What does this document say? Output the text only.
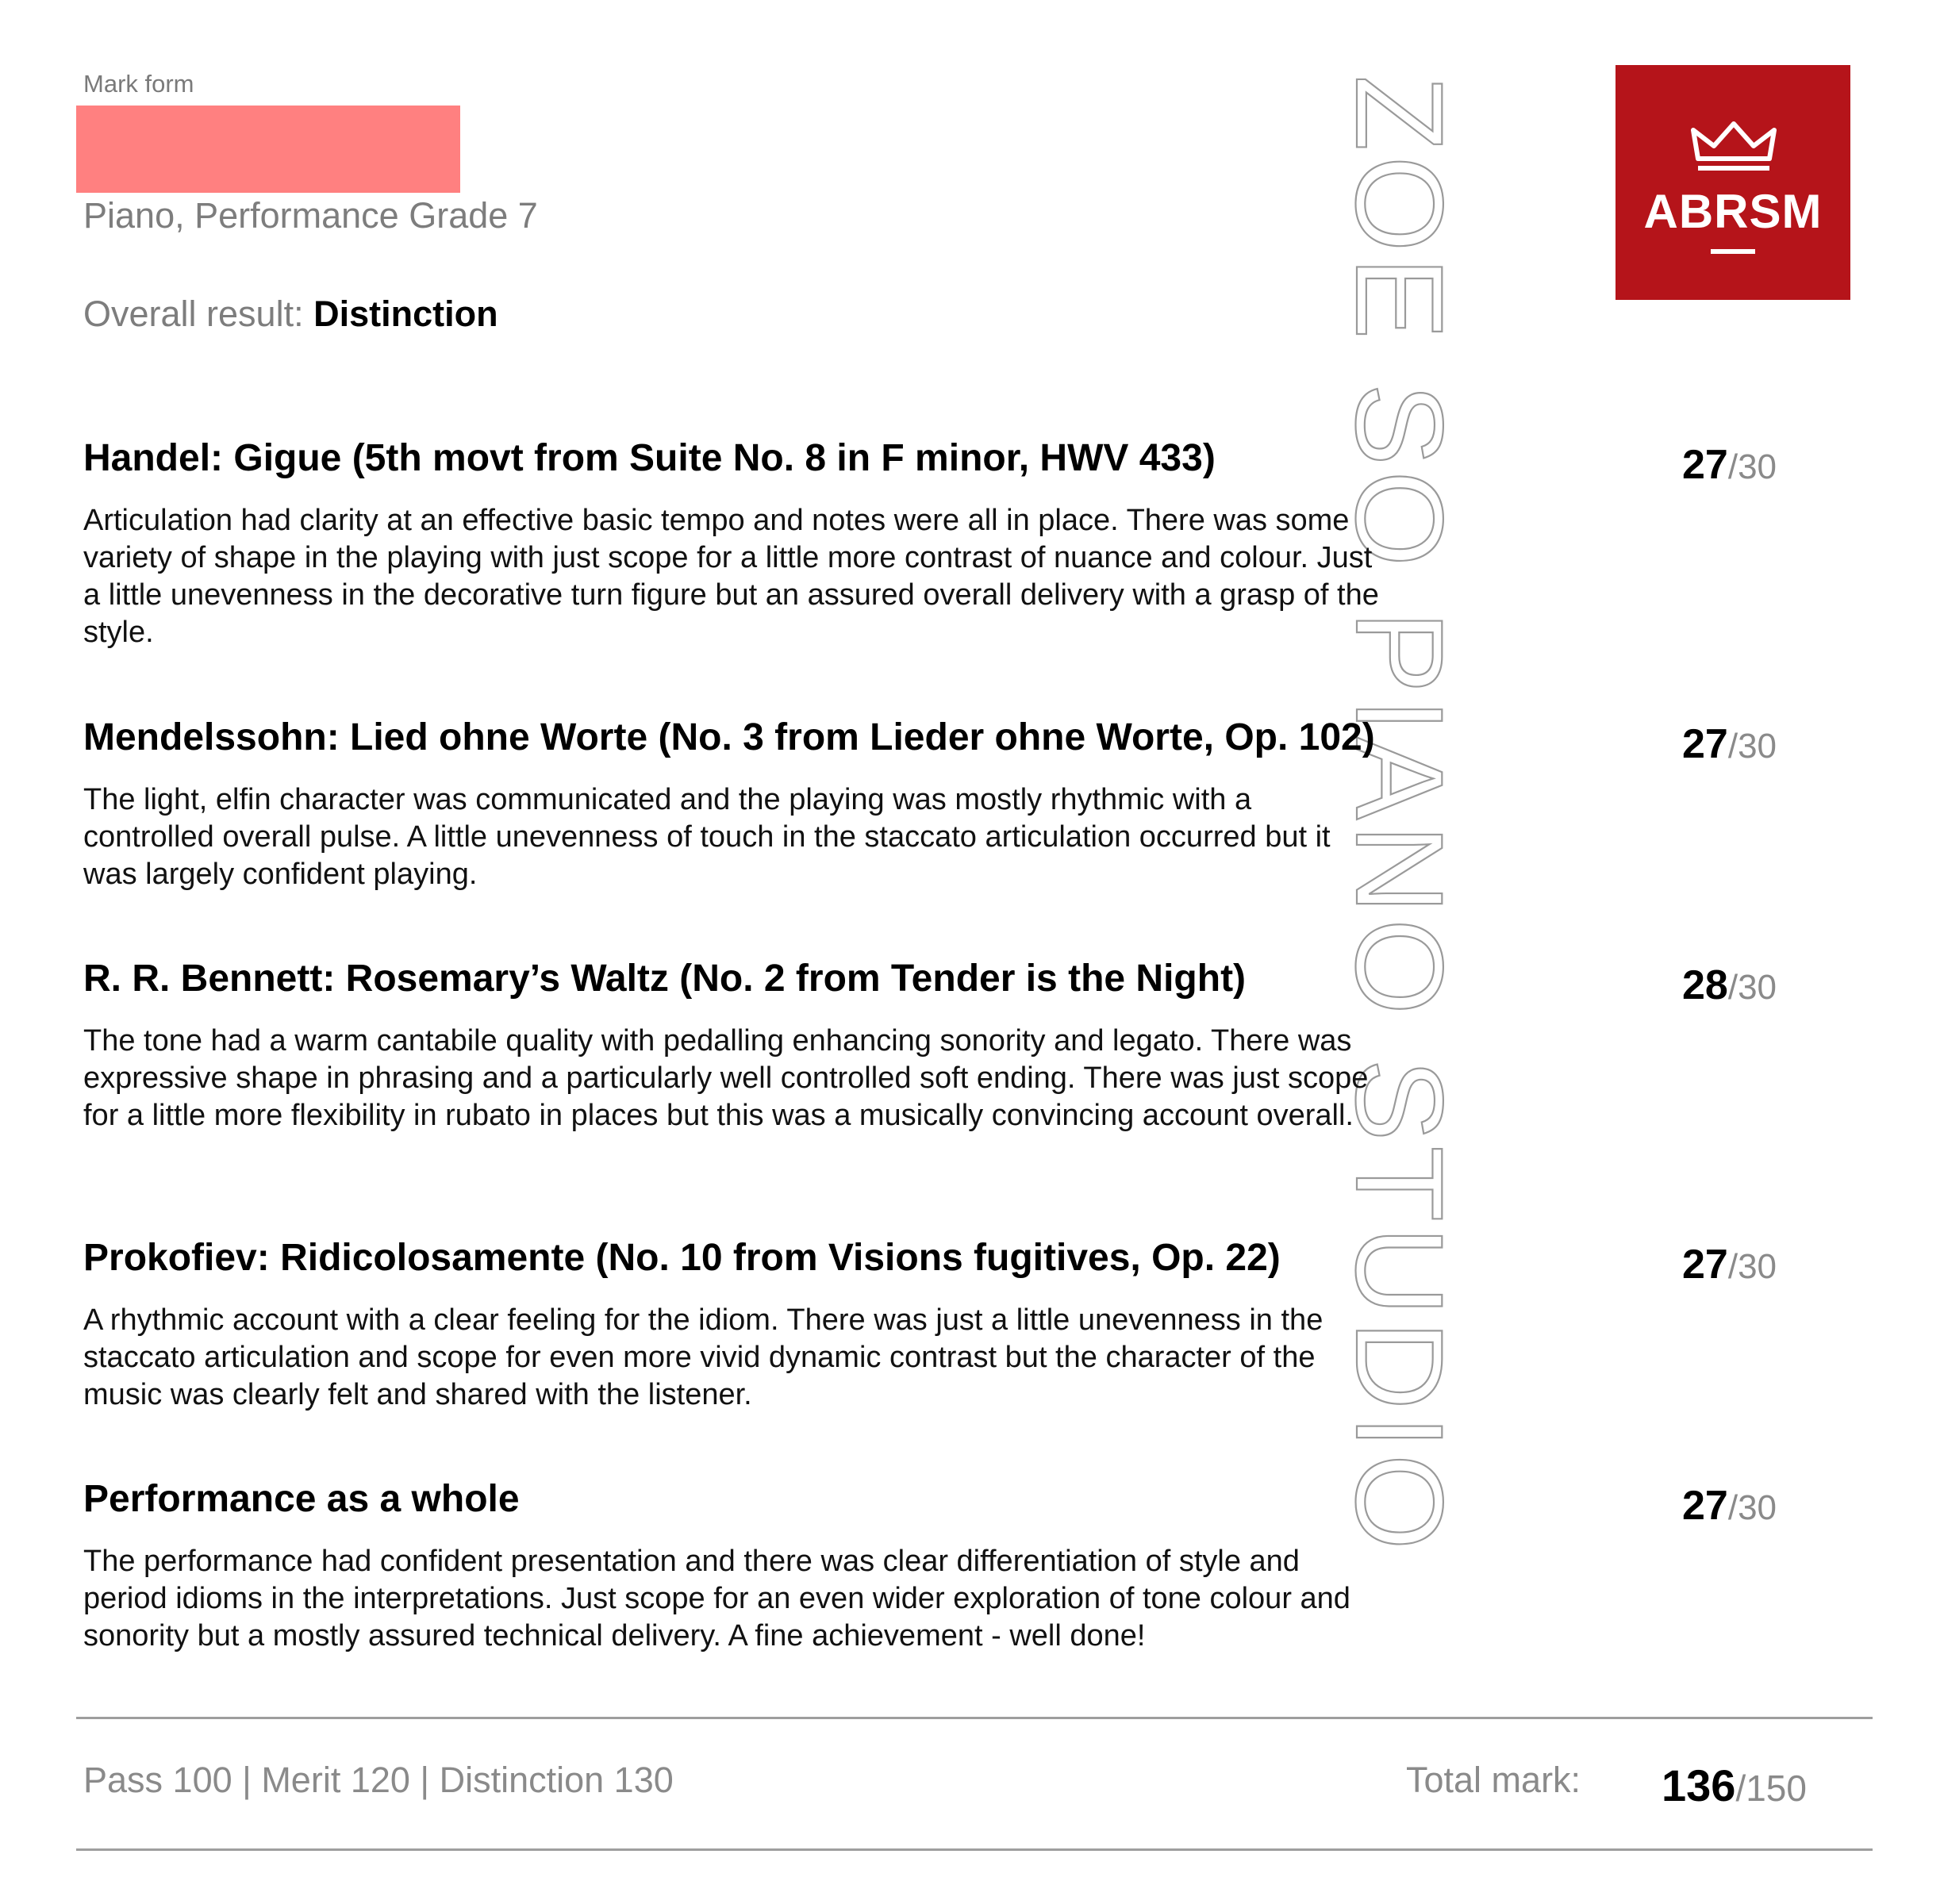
Mark form
Piano, Performance Grade 7
Overall result: Distinction
ABRSM
ZOE SO PIANO STUDIO
Handel: Gigue (5th movt from Suite No. 8 in F minor, HWV 433)

Articulation had clarity at an effective basic tempo and notes were all in place. There was some variety of shape in the playing with just scope for a little more contrast of nuance and colour. Just a little unevenness in the decorative turn figure but an assured overall delivery with a grasp of the style.

27/30
Mendelssohn: Lied ohne Worte (No. 3 from Lieder ohne Worte, Op. 102)

The light, elfin character was communicated and the playing was mostly rhythmic with a controlled overall pulse. A little unevenness of touch in the staccato articulation occurred but it was largely confident playing.

27/30
R. R. Bennett: Rosemary’s Waltz (No. 2 from Tender is the Night)

The tone had a warm cantabile quality with pedalling enhancing sonority and legato. There was expressive shape in phrasing and a particularly well controlled soft ending. There was just scope for a little more flexibility in rubato in places but this was a musically convincing account overall.

28/30
Prokofiev: Ridicolosamente (No. 10 from Visions fugitives, Op. 22)

A rhythmic account with a clear feeling for the idiom. There was just a little unevenness in the staccato articulation and scope for even more vivid dynamic contrast but the character of the music was clearly felt and shared with the listener.

27/30
Performance as a whole

The performance had confident presentation and there was clear differentiation of style and period idioms in the interpretations. Just scope for an even wider exploration of tone colour and sonority but a mostly assured technical delivery. A fine achievement - well done!

27/30
Pass 100 | Merit 120 | Distinction 130	Total mark: 136/150
